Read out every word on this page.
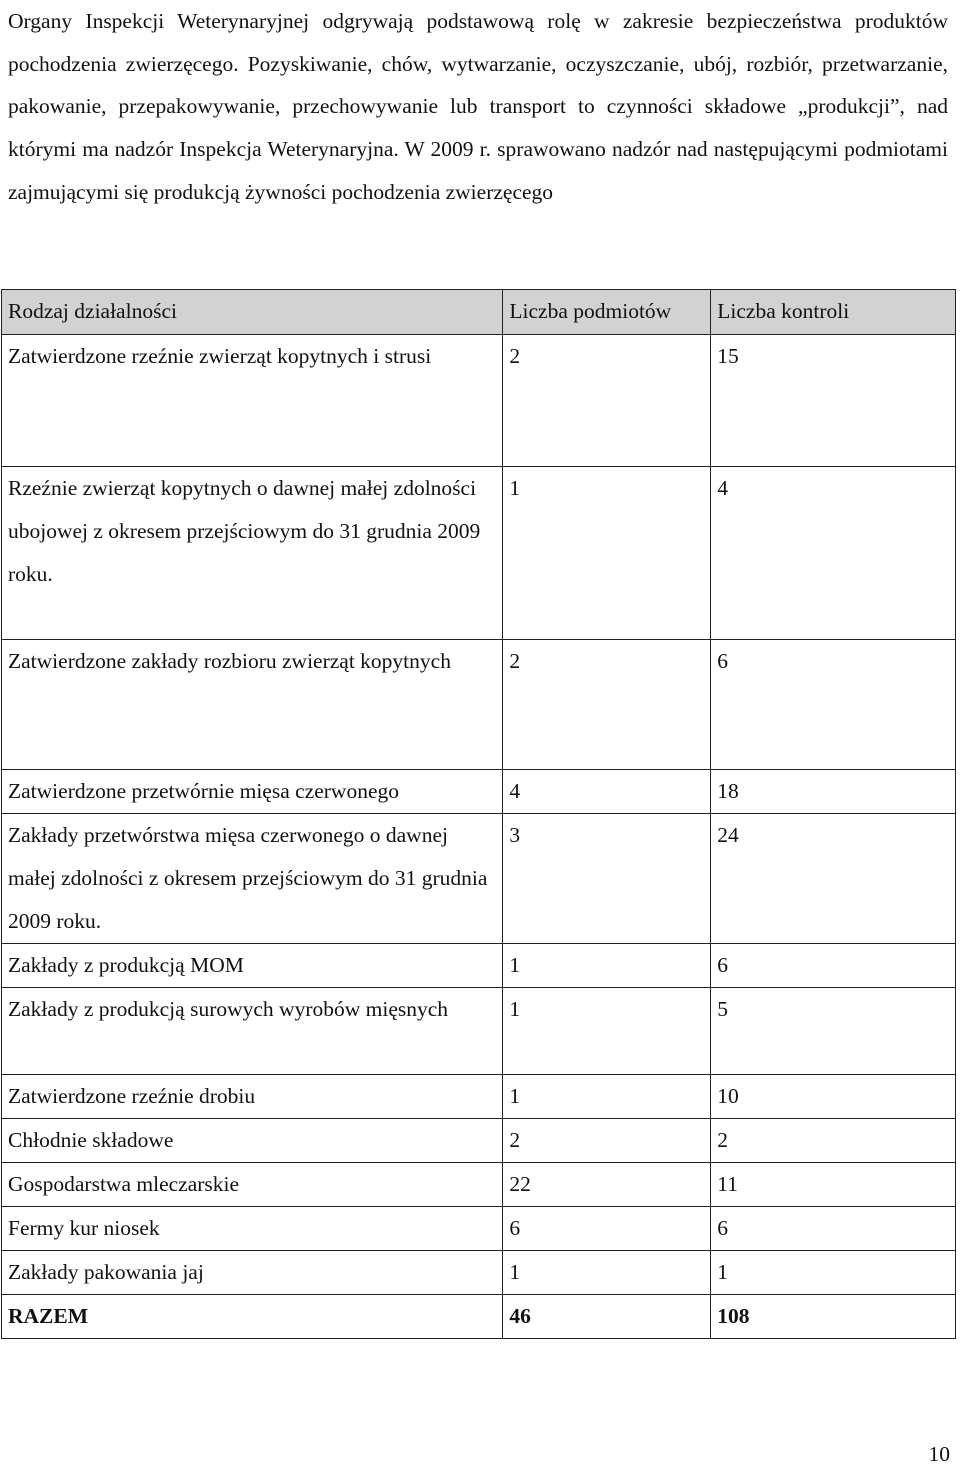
Organy Inspekcji Weterynaryjnej odgrywają podstawową rolę w zakresie bezpieczeństwa produktów pochodzenia zwierzęcego. Pozyskiwanie, chów, wytwarzanie, oczyszczanie, ubój, rozbiór, przetwarzanie, pakowanie, przepakowywanie, przechowywanie lub transport to czynności składowe „produkcji”, nad którymi ma nadzór Inspekcja Weterynaryjna. W 2009 r. sprawowano nadzór nad następującymi podmiotami zajmującymi się produkcją żywności pochodzenia zwierzęcego

Rodzaj działalności	Liczba podmiotów	Liczba kontroli
Zatwierdzone rzeźnie zwierząt kopytnych i strusi	2	15
Rzeźnie zwierząt kopytnych o dawnej małej zdolności ubojowej z okresem przejściowym do 31 grudnia 2009 roku.	1	4
Zatwierdzone zakłady rozbioru zwierząt kopytnych	2	6
Zatwierdzone przetwórnie mięsa czerwonego	4	18
Zakłady przetwórstwa mięsa czerwonego o dawnej małej zdolności z okresem przejściowym do 31 grudnia 2009 roku.	3	24
Zakłady z produkcją MOM	1	6
Zakłady z produkcją surowych wyrobów mięsnych	1	5
Zatwierdzone rzeźnie drobiu	1	10
Chłodnie składowe	2	2
Gospodarstwa mleczarskie	22	11
Fermy kur niosek	6	6
Zakłady pakowania jaj	1	1
RAZEM	46	108
10
